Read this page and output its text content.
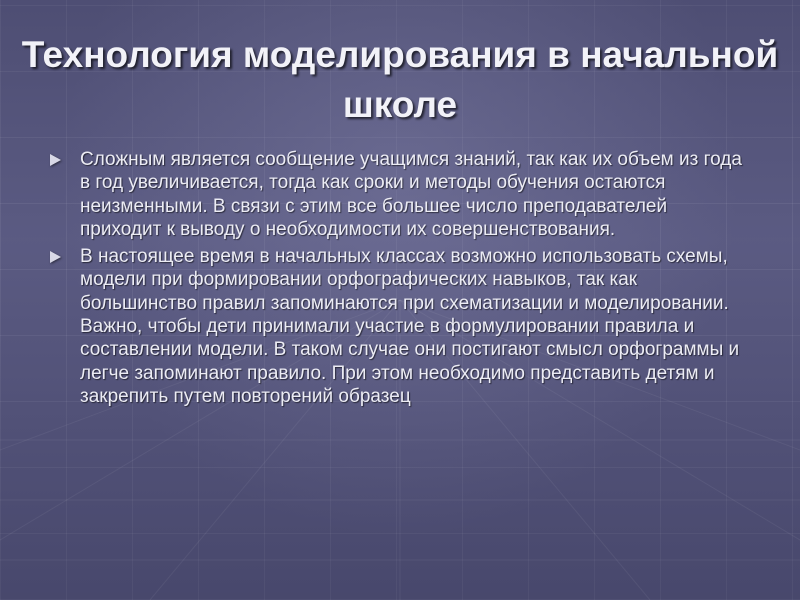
Технология моделирования в начальной школе
Сложным является сообщение учащимся знаний, так как их объем из года в год увеличивается, тогда как сроки и методы обучения остаются неизменными. В связи с этим все большее число преподавателей приходит к выводу о необходимости их совершенствования.
В настоящее время в начальных классах возможно использовать схемы, модели при формировании орфографических навыков, так как большинство правил запоминаются при схематизации и моделировании. Важно, чтобы дети принимали участие в формулировании правила и составлении модели. В таком случае они постигают смысл орфограммы и легче запоминают правило. При этом необходимо представить детям и закрепить путем повторений образец
